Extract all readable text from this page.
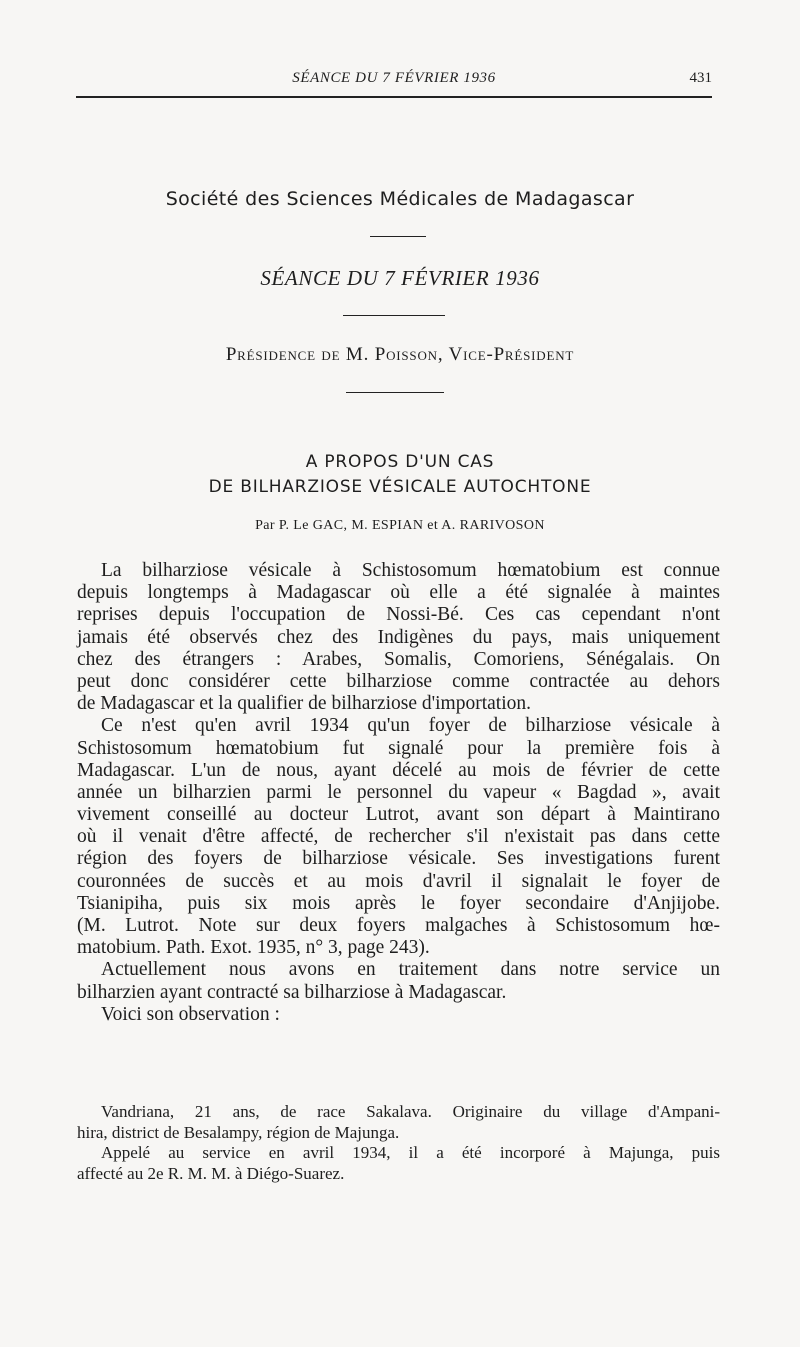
SÉANCE DU 7 FÉVRIER 1936	431
Société des Sciences Médicales de Madagascar
SÉANCE DU 7 FÉVRIER 1936
Présidence de M. Poisson, Vice-Président
A PROPOS D'UN CAS
DE BILHARZIOSE VÉSICALE AUTOCHTONE
Par P. Le GAC, M. ESPIAN et A. RARIVOSON
La bilharziose vésicale à Schistosomum hœmatobium est connue
depuis longtemps à Madagascar où elle a été signalée à maintes
reprises depuis l'occupation de Nossi-Bé. Ces cas cependant n'ont
jamais été observés chez des Indigènes du pays, mais uniquement
chez des étrangers : Arabes, Somalis, Comoriens, Sénégalais. On
peut donc considérer cette bilharziose comme contractée au dehors
de Madagascar et la qualifier de bilharziose d'importation.
Ce n'est qu'en avril 1934 qu'un foyer de bilharziose vésicale à
Schistosomum hœmatobium fut signalé pour la première fois à
Madagascar. L'un de nous, ayant décelé au mois de février de cette
année un bilharzien parmi le personnel du vapeur « Bagdad », avait
vivement conseillé au docteur Lutrot, avant son départ à Maintirano
où il venait d'être affecté, de rechercher s'il n'existait pas dans cette
région des foyers de bilharziose vésicale. Ses investigations furent
couronnées de succès et au mois d'avril il signalait le foyer de
Tsianipiha, puis six mois après le foyer secondaire d'Anjijobe.
(M. Lutrot. Note sur deux foyers malgaches à Schistosomum hœ-
matobium. Path. Exot. 1935, n° 3, page 243).
Actuellement nous avons en traitement dans notre service un
bilharzien ayant contracté sa bilharziose à Madagascar.
Voici son observation :
Vandriana, 21 ans, de race Sakalava. Originaire du village d'Ampani-
hira, district de Besalampy, région de Majunga.
Appelé au service en avril 1934, il a été incorporé à Majunga, puis
affecté au 2e R. M. M. à Diégo-Suarez.
